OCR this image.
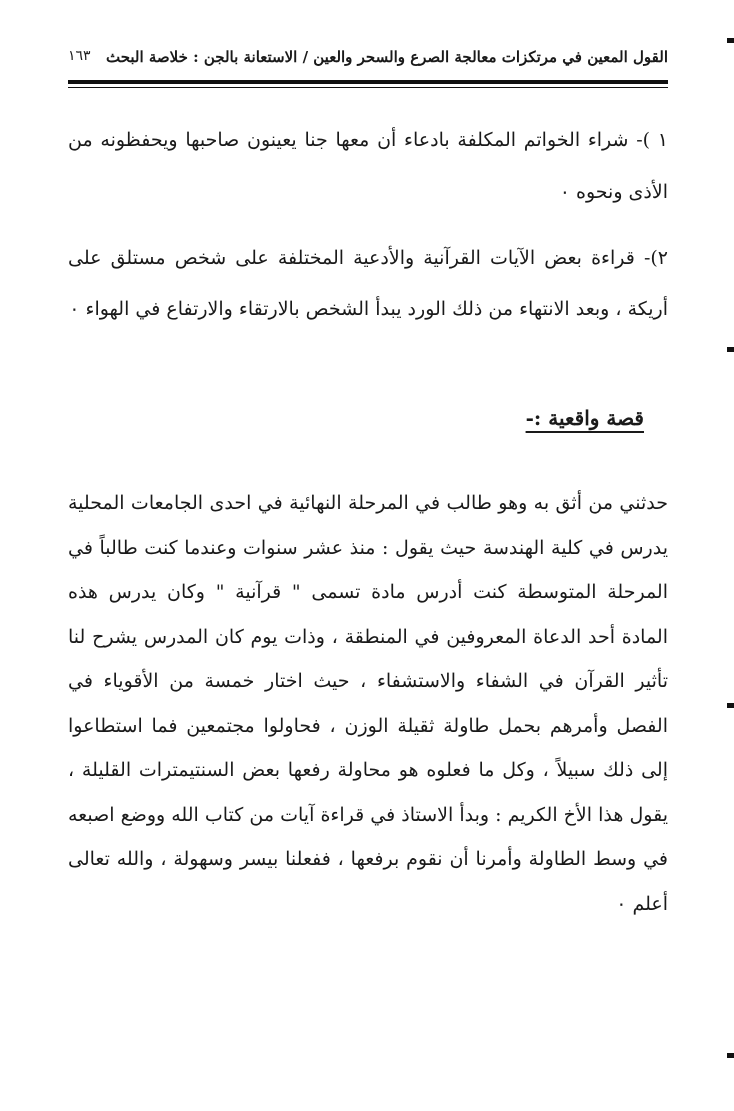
القول المعين في مرتكزات معالجة الصرع والسحر والعين / الاستعانة بالجن : خلاصة البحث
١٦٣

١ )- شراء الخواتم المكلفة بادعاء أن معها جنا يعينون صاحبها ويحفظونه من الأذى ونحوه ٠

٢)- قراءة بعض الآيات القرآنية والأدعية المختلفة على شخص مستلق على أريكة ، وبعد الانتهاء من ذلك الورد يبدأ الشخص بالارتقاء والارتفاع في الهواء ٠

قصة واقعية :-

حدثني من أثق به وهو طالب في المرحلة النهائية في احدى الجامعات المحلية يدرس في كلية الهندسة حيث يقول : منذ عشر سنوات وعندما كنت طالباً في المرحلة المتوسطة كنت أدرس مادة تسمى " قرآنية " وكان يدرس هذه المادة أحد الدعاة المعروفين في المنطقة ، وذات يوم كان المدرس يشرح لنا تأثير القرآن في الشفاء والاستشفاء ، حيث اختار خمسة من الأقوياء في الفصل وأمرهم بحمل طاولة ثقيلة الوزن ، فحاولوا مجتمعين فما استطاعوا إلى ذلك سبيلاً ، وكل ما فعلوه هو محاولة رفعها بعض السنتيمترات القليلة ، يقول هذا الأخ الكريم : وبدأ الاستاذ في قراءة آيات من كتاب الله ووضع اصبعه في وسط الطاولة وأمرنا أن نقوم برفعها ، ففعلنا بيسر وسهولة ، والله تعالى أعلم ٠
